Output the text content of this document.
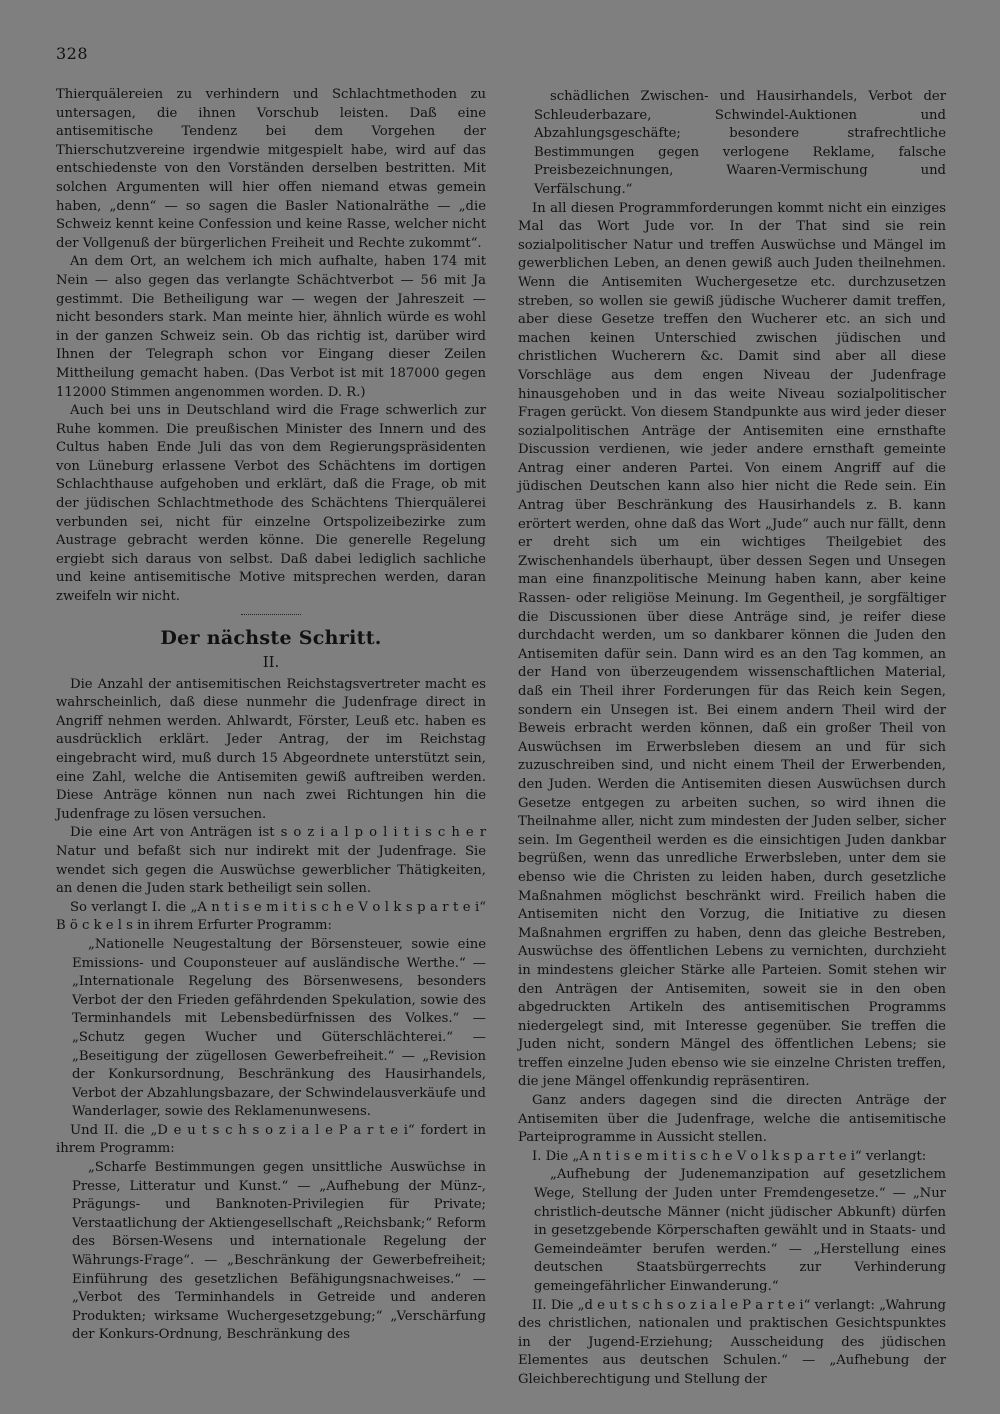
328

Thierquälereien zu verhindern und Schlachtmethoden zu untersagen, die ihnen Vorschub leisten. Daß eine antisemitische Tendenz bei dem Vorgehen der Thierschutzvereine irgendwie mitgespielt habe, wird auf das entschiedenste von den Vorständen derselben bestritten. Mit solchen Argumenten will hier offen niemand etwas gemein haben, „denn“ — so sagen die Basler Nationalräthe — „die Schweiz kennt keine Confession und keine Rasse, welcher nicht der Vollgenuß der bürgerlichen Freiheit und Rechte zukommt“.

An dem Ort, an welchem ich mich aufhalte, haben 174 mit Nein — also gegen das verlangte Schächtverbot — 56 mit Ja gestimmt. Die Betheiligung war — wegen der Jahreszeit — nicht besonders stark. Man meinte hier, ähnlich würde es wohl in der ganzen Schweiz sein. Ob das richtig ist, darüber wird Ihnen der Telegraph schon vor Eingang dieser Zeilen Mittheilung gemacht haben. (Das Verbot ist mit 187000 gegen 112000 Stimmen angenommen worden. D. R.)

Auch bei uns in Deutschland wird die Frage schwerlich zur Ruhe kommen. Die preußischen Minister des Innern und des Cultus haben Ende Juli das von dem Regierungspräsidenten von Lüneburg erlassene Verbot des Schächtens im dortigen Schlachthause aufgehoben und erklärt, daß die Frage, ob mit der jüdischen Schlachtmethode des Schächtens Thierquälerei verbunden sei, nicht für einzelne Ortspolizeibezirke zum Austrage gebracht werden könne. Die generelle Regelung ergiebt sich daraus von selbst. Daß dabei lediglich sachliche und keine antisemitische Motive mitsprechen werden, daran zweifeln wir nicht.

Der nächste Schritt.
II.

Die Anzahl der antisemitischen Reichstagsvertreter macht es wahrscheinlich, daß diese nunmehr die Judenfrage direct in Angriff nehmen werden. Ahlwardt, Förster, Leuß etc. haben es ausdrücklich erklärt. Jeder Antrag, der im Reichstag eingebracht wird, muß durch 15 Abgeordnete unterstützt sein, eine Zahl, welche die Antisemiten gewiß auftreiben werden. Diese Anträge können nun nach zwei Richtungen hin die Judenfrage zu lösen versuchen.

Die eine Art von Anträgen ist s o z i a l p o l i t i s c h e r Natur und befaßt sich nur indirekt mit der Judenfrage. Sie wendet sich gegen die Auswüchse gewerblicher Thätigkeiten, an denen die Juden stark betheiligt sein sollen.

So verlangt I. die „A n t i s e m i t i s c h e V o l k s p a r t e i“ B ö c k e l s in ihrem Erfurter Programm:

„Nationelle Neugestaltung der Börsensteuer, sowie eine Emissions- und Couponsteuer auf ausländische Werthe.“ — „Internationale Regelung des Börsenwesens, besonders Verbot der den Frieden gefährdenden Spekulation, sowie des Terminhandels mit Lebensbedürfnissen des Volkes.“ — „Schutz gegen Wucher und Güterschlächterei.“ — „Beseitigung der zügellosen Gewerbefreiheit.“ — „Revision der Konkursordnung, Beschränkung des Hausirhandels, Verbot der Abzahlungsbazare, der Schwindelausverkäufe und Wanderlager, sowie des Reklamenunwesens.

Und II. die „D e u t s c h s o z i a l e P a r t e i“ fordert in ihrem Programm:

„Scharfe Bestimmungen gegen unsittliche Auswüchse in Presse, Litteratur und Kunst.“ — „Aufhebung der Münz-, Prägungs- und Banknoten-Privilegien für Private; Verstaatlichung der Aktiengesellschaft „Reichsbank;“ Reform des Börsen-Wesens und internationale Regelung der Währungs-Frage“. — „Beschränkung der Gewerbefreiheit; Einführung des gesetzlichen Befähigungsnachweises.“ — „Verbot des Terminhandels in Getreide und anderen Produkten; wirksame Wuchergesetzgebung;“ „Verschärfung der Konkurs-Ordnung, Beschränkung des

schädlichen Zwischen- und Hausirhandels, Verbot der Schleuderbazare, Schwindel-Auktionen und Abzahlungsgeschäfte; besondere strafrechtliche Bestimmungen gegen verlogene Reklame, falsche Preisbezeichnungen, Waaren-Vermischung und Verfälschung.“

In all diesen Programmforderungen kommt nicht ein einziges Mal das Wort Jude vor. In der That sind sie rein sozialpolitischer Natur und treffen Auswüchse und Mängel im gewerblichen Leben, an denen gewiß auch Juden theilnehmen. Wenn die Antisemiten Wuchergesetze etc. durchzusetzen streben, so wollen sie gewiß jüdische Wucherer damit treffen, aber diese Gesetze treffen den Wucherer etc. an sich und machen keinen Unterschied zwischen jüdischen und christlichen Wucherern &c. Damit sind aber all diese Vorschläge aus dem engen Niveau der Judenfrage hinausgehoben und in das weite Niveau sozialpolitischer Fragen gerückt. Von diesem Standpunkte aus wird jeder dieser sozialpolitischen Anträge der Antisemiten eine ernsthafte Discussion verdienen, wie jeder andere ernsthaft gemeinte Antrag einer anderen Partei. Von einem Angriff auf die jüdischen Deutschen kann also hier nicht die Rede sein. Ein Antrag über Beschränkung des Hausirhandels z. B. kann erörtert werden, ohne daß das Wort „Jude“ auch nur fällt, denn er dreht sich um ein wichtiges Theilgebiet des Zwischenhandels überhaupt, über dessen Segen und Unsegen man eine finanzpolitische Meinung haben kann, aber keine Rassen- oder religiöse Meinung. Im Gegentheil, je sorgfältiger die Discussionen über diese Anträge sind, je reifer diese durchdacht werden, um so dankbarer können die Juden den Antisemiten dafür sein. Dann wird es an den Tag kommen, an der Hand von überzeugendem wissenschaftlichen Material, daß ein Theil ihrer Forderungen für das Reich kein Segen, sondern ein Unsegen ist. Bei einem andern Theil wird der Beweis erbracht werden können, daß ein großer Theil von Auswüchsen im Erwerbsleben diesem an und für sich zuzuschreiben sind, und nicht einem Theil der Erwerbenden, den Juden. Werden die Antisemiten diesen Auswüchsen durch Gesetze entgegen zu arbeiten suchen, so wird ihnen die Theilnahme aller, nicht zum mindesten der Juden selber, sicher sein. Im Gegentheil werden es die einsichtigen Juden dankbar begrüßen, wenn das unredliche Erwerbsleben, unter dem sie ebenso wie die Christen zu leiden haben, durch gesetzliche Maßnahmen möglichst beschränkt wird. Freilich haben die Antisemiten nicht den Vorzug, die Initiative zu diesen Maßnahmen ergriffen zu haben, denn das gleiche Bestreben, Auswüchse des öffentlichen Lebens zu vernichten, durchzieht in mindestens gleicher Stärke alle Parteien. Somit stehen wir den Anträgen der Antisemiten, soweit sie in den oben abgedruckten Artikeln des antisemitischen Programms niedergelegt sind, mit Interesse gegenüber. Sie treffen die Juden nicht, sondern Mängel des öffentlichen Lebens; sie treffen einzelne Juden ebenso wie sie einzelne Christen treffen, die jene Mängel offenkundig repräsentiren.

Ganz anders dagegen sind die directen Anträge der Antisemiten über die Judenfrage, welche die antisemitische Parteiprogramme in Aussicht stellen.

I. Die „A n t i s e m i t i s c h e V o l k s p a r t e i“ verlangt:

„Aufhebung der Judenemanzipation auf gesetzlichem Wege, Stellung der Juden unter Fremdengesetze.“ — „Nur christlich-deutsche Männer (nicht jüdischer Abkunft) dürfen in gesetzgebende Körperschaften gewählt und in Staats- und Gemeindeämter berufen werden.“ — „Herstellung eines deutschen Staatsbürgerrechts zur Verhinderung gemeingefährlicher Einwanderung.“

II. Die „d e u t s c h s o z i a l e P a r t e i“ verlangt: „Wahrung des christlichen, nationalen und praktischen Gesichtspunktes in der Jugend-Erziehung; Ausscheidung des jüdischen Elementes aus deutschen Schulen.“ — „Aufhebung der Gleichberechtigung und Stellung der
